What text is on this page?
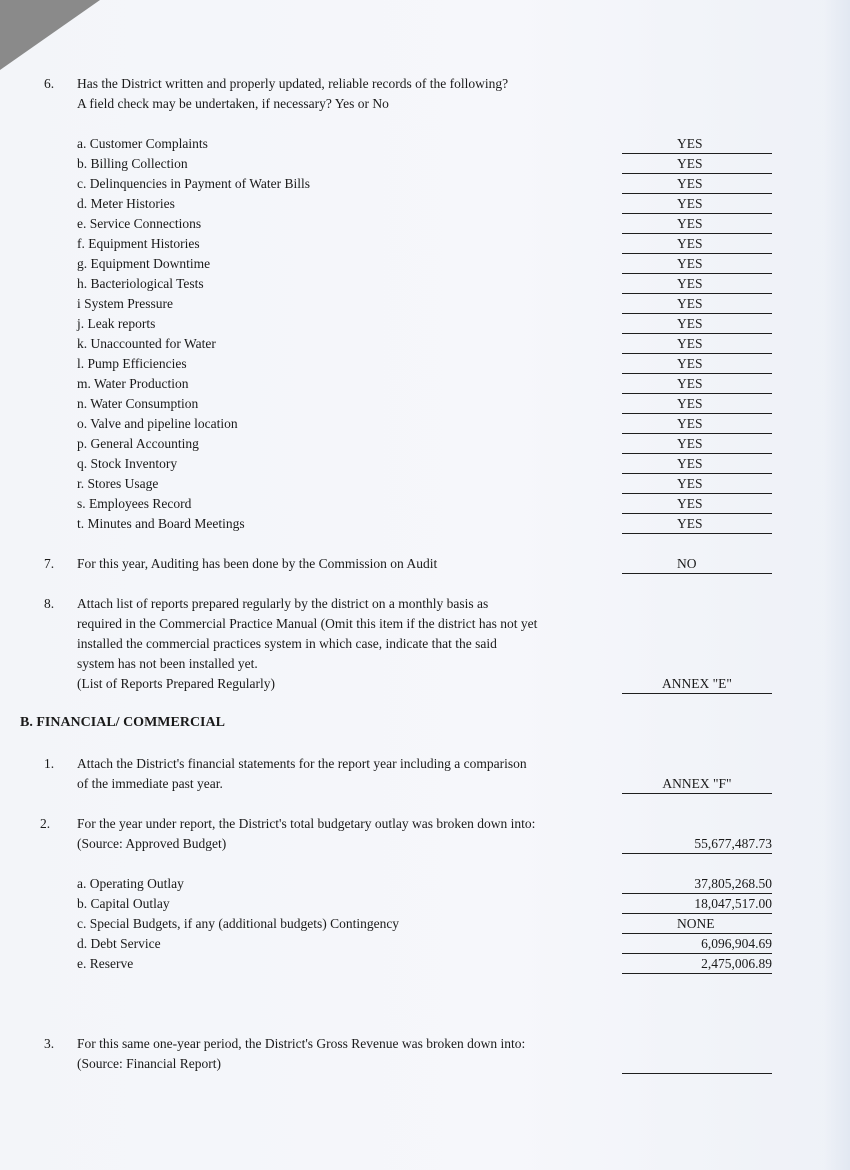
6. Has the District written and properly updated, reliable records of the following?
A field check may be undertaken, if necessary? Yes or No
a. Customer Complaints	YES
b. Billing Collection	YES
c. Delinquencies in Payment of Water Bills	YES
d. Meter Histories	YES
e. Service Connections	YES
f. Equipment Histories	YES
g. Equipment Downtime	YES
h. Bacteriological Tests	YES
i System Pressure	YES
j. Leak reports	YES
k. Unaccounted for Water	YES
l. Pump Efficiencies	YES
m. Water Production	YES
n. Water Consumption	YES
o. Valve and pipeline location	YES
p. General Accounting	YES
q. Stock Inventory	YES
r. Stores Usage	YES
s. Employees Record	YES
t. Minutes and Board Meetings	YES
7. For this year, Auditing has been done by the Commission on Audit	NO
8. Attach list of reports prepared regularly by the district on a monthly basis as
required in the Commercial Practice Manual (Omit this item if the district has not yet
installed the commercial practices system in which case, indicate that the said
system has not been installed yet.
(List of Reports Prepared Regularly)	ANNEX "E"
B. FINANCIAL/ COMMERCIAL
1. Attach the District's financial statements for the report year including a comparison
of the immediate past year.	ANNEX "F"
2. For the year under report, the District's total budgetary outlay was broken down into:
(Source: Approved Budget)	55,677,487.73
a. Operating Outlay	37,805,268.50
b. Capital Outlay	18,047,517.00
c. Special Budgets, if any (additional budgets) Contingency	NONE
d. Debt Service	6,096,904.69
e. Reserve	2,475,006.89
3. For this same one-year period, the District's Gross Revenue was broken down into:
(Source: Financial Report)
